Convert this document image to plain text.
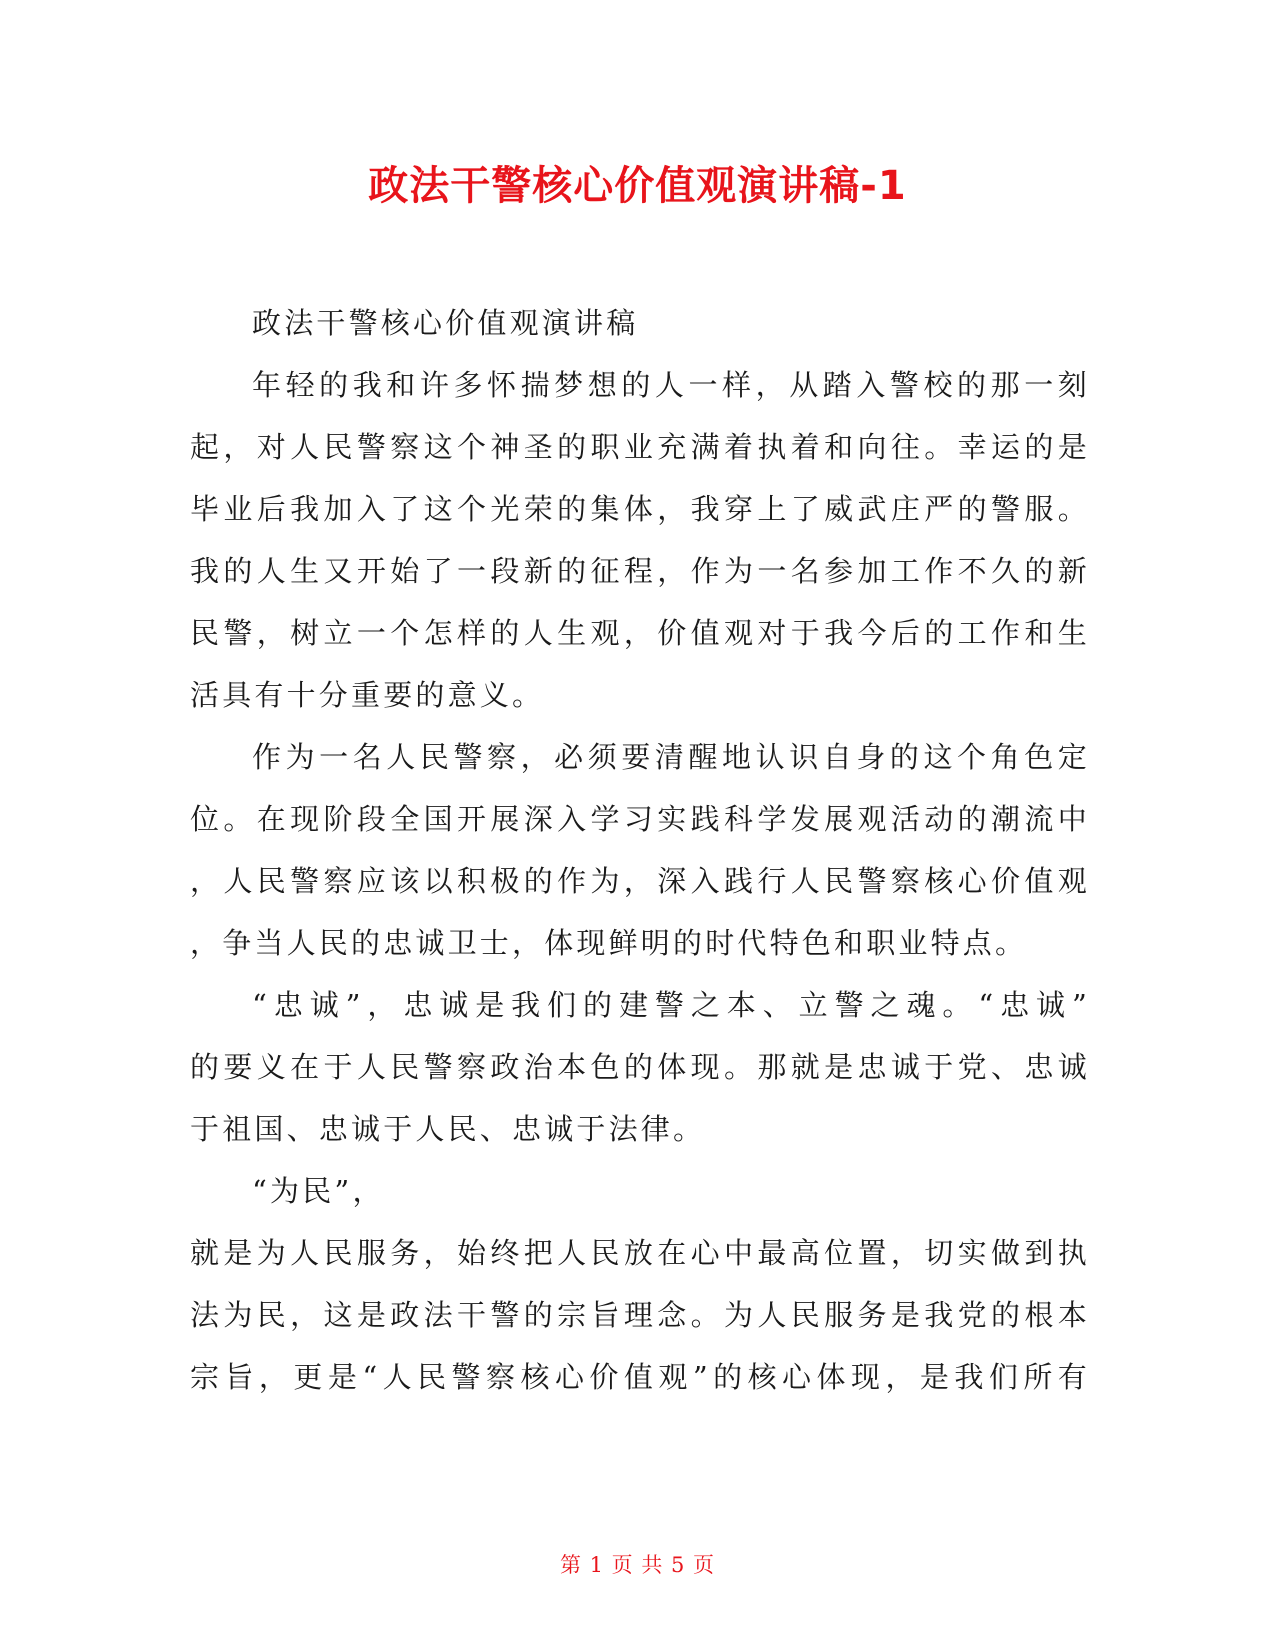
政法干警核心价值观演讲稿-1
政法干警核心价值观演讲稿
年轻的我和许多怀揣梦想的人一样，从踏入警校的那一刻
起，对人民警察这个神圣的职业充满着执着和向往。幸运的是
毕业后我加入了这个光荣的集体，我穿上了威武庄严的警服。
我的人生又开始了一段新的征程，作为一名参加工作不久的新
民警，树立一个怎样的人生观，价值观对于我今后的工作和生
活具有十分重要的意义。
作为一名人民警察，必须要清醒地认识自身的这个角色定
位。在现阶段全国开展深入学习实践科学发展观活动的潮流中
，人民警察应该以积极的作为，深入践行人民警察核心价值观
，争当人民的忠诚卫士，体现鲜明的时代特色和职业特点。
“忠诚”，忠诚是我们的建警之本、立警之魂。“忠诚”
的要义在于人民警察政治本色的体现。那就是忠诚于党、忠诚
于祖国、忠诚于人民、忠诚于法律。
“为民”，
就是为人民服务，始终把人民放在心中最高位置，切实做到执
法为民，这是政法干警的宗旨理念。为人民服务是我党的根本
宗旨，更是“人民警察核心价值观”的核心体现，是我们所有
第 1 页 共 5 页
